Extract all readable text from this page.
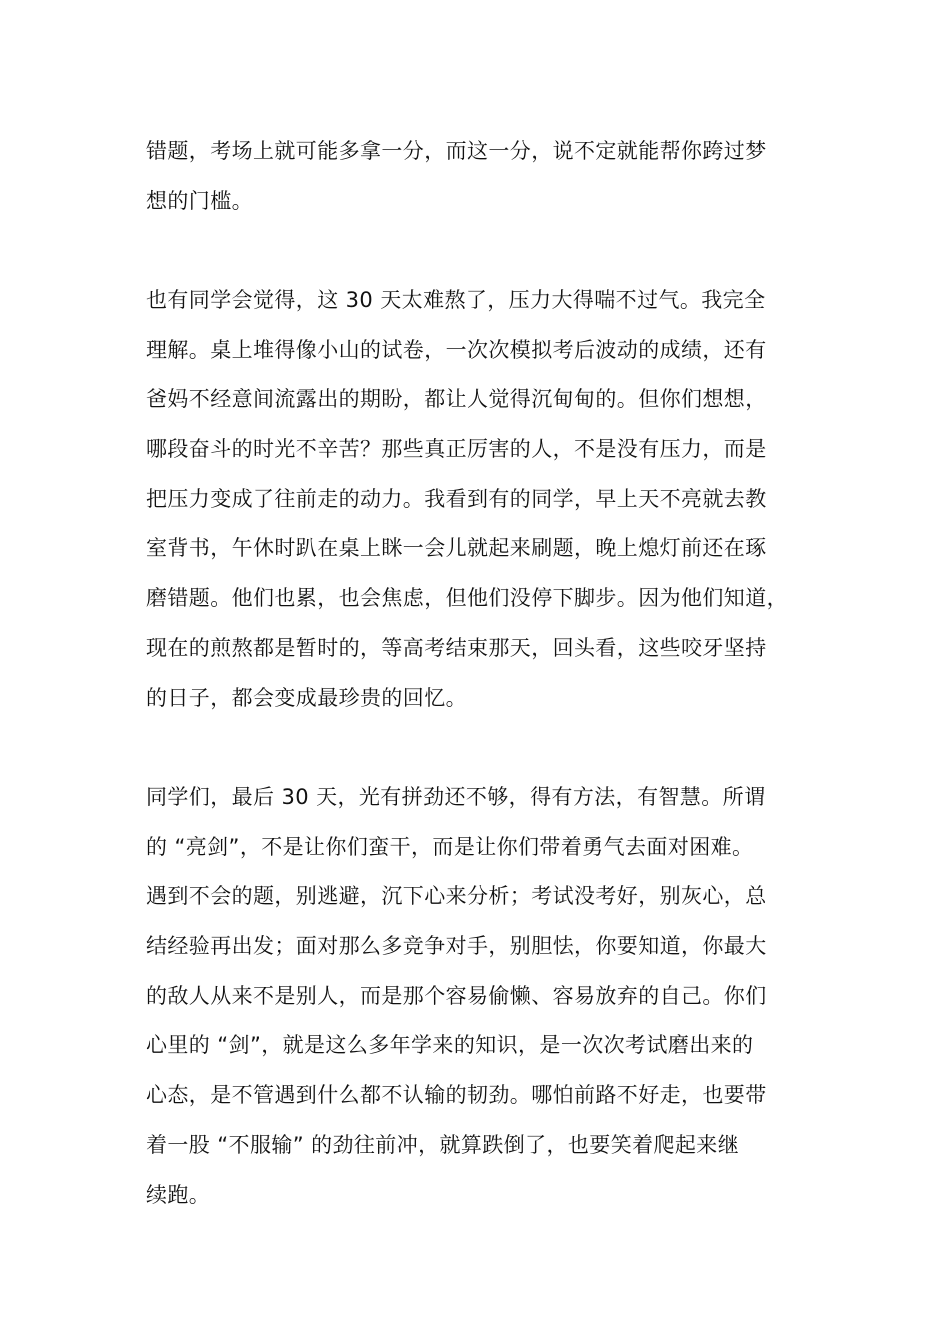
错题，考场上就可能多拿一分，而这一分，说不定就能帮你跨过梦
想的门槛。
也有同学会觉得，这 30 天太难熬了，压力大得喘不过气。我完全
理解。桌上堆得像小山的试卷，一次次模拟考后波动的成绩，还有
爸妈不经意间流露出的期盼，都让人觉得沉甸甸的。但你们想想，
哪段奋斗的时光不辛苦？那些真正厉害的人，不是没有压力，而是
把压力变成了往前走的动力。我看到有的同学，早上天不亮就去教
室背书，午休时趴在桌上眯一会儿就起来刷题，晚上熄灯前还在琢
磨错题。他们也累，也会焦虑，但他们没停下脚步。因为他们知道，
现在的煎熬都是暂时的，等高考结束那天，回头看，这些咬牙坚持
的日子，都会变成最珍贵的回忆。
同学们，最后 30 天，光有拼劲还不够，得有方法，有智慧。所谓
的 “亮剑”，不是让你们蛮干，而是让你们带着勇气去面对困难。
遇到不会的题，别逃避，沉下心来分析；考试没考好，别灰心，总
结经验再出发；面对那么多竞争对手，别胆怯，你要知道，你最大
的敌人从来不是别人，而是那个容易偷懒、容易放弃的自己。你们
心里的 “剑”，就是这么多年学来的知识，是一次次考试磨出来的
心态，是不管遇到什么都不认输的韧劲。哪怕前路不好走，也要带
着一股 “不服输” 的劲往前冲，就算跌倒了，也要笑着爬起来继
续跑。
